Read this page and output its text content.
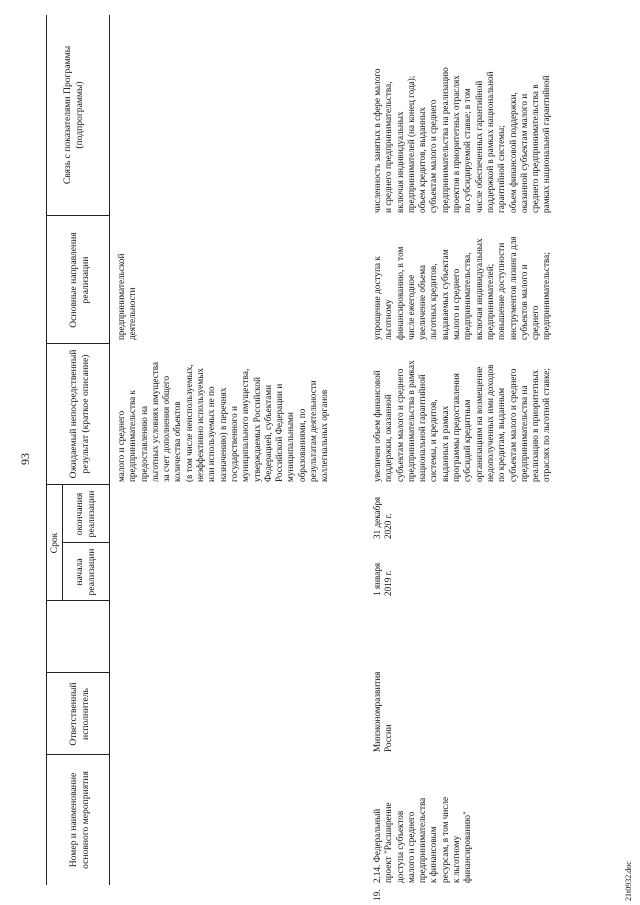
93
Номер и наименование
основного мероприятия
Ответственный
исполнитель
Срок
начала
реализации
окончания
реализации
Ожидаемый непосредственный
результат (краткое описание)
Основные направления
реализации
Связь с показателями Программы
(подпрограммы)
малого и среднего
предпринимательства к
предоставлению на
льготных условиях имущества
за счет дополнения общего
количества объектов
(в том числе неиспользуемых,
неэффективно используемых
или используемых не по
назначению) в перечнях
государственного и
муниципального имущества,
утверждаемых Российской
Федерацией, субъектами
Российской Федерации и
муниципальными
образованиями, по
результатам деятельности
коллегиальных органов
предпринимательской
деятельности
19.
2.14. Федеральный
проект "Расширение
доступа субъектов
малого и среднего
предпринимательства
к финансовым
ресурсам, в том числе
к льготному
финансированию"
Минэкономразвития
России
1 января
2019 г.
31 декабря
2020 г.
увеличен объем финансовой
поддержки, оказанной
субъектам малого и среднего
предпринимательства в рамках
национальной гарантийной
системы, и кредитов,
выданных в рамках
программы предоставления
субсидий кредитным
организациям на возмещение
недополученных ими доходов
по кредитам, выданным
субъектам малого и среднего
предпринимательства на
реализацию в приоритетных
отраслях по льготной ставке;
упрощение доступа к
льготному
финансированию, в том
числе ежегодное
увеличение объема
льготных кредитов,
выдаваемых субъектам
малого и среднего
предпринимательства,
включая индивидуальных
предпринимателей;
повышение доступности
инструментов лизинга для
субъектов малого и
среднего
предпринимательства;
численность занятых в сфере малого
и среднего предпринимательства,
включая индивидуальных
предпринимателей (на конец года);
объем кредитов, выданных
субъектам малого и среднего
предпринимательства на реализацию
проектов в приоритетных отраслях
по субсидируемой ставке; в том
числе обеспеченных гарантийной
поддержкой в рамках национальной
гарантийной системы;
объем финансовой поддержки,
оказанной субъектам малого и
среднего предпринимательства в
рамках национальной гарантийной
21t0932.doc
